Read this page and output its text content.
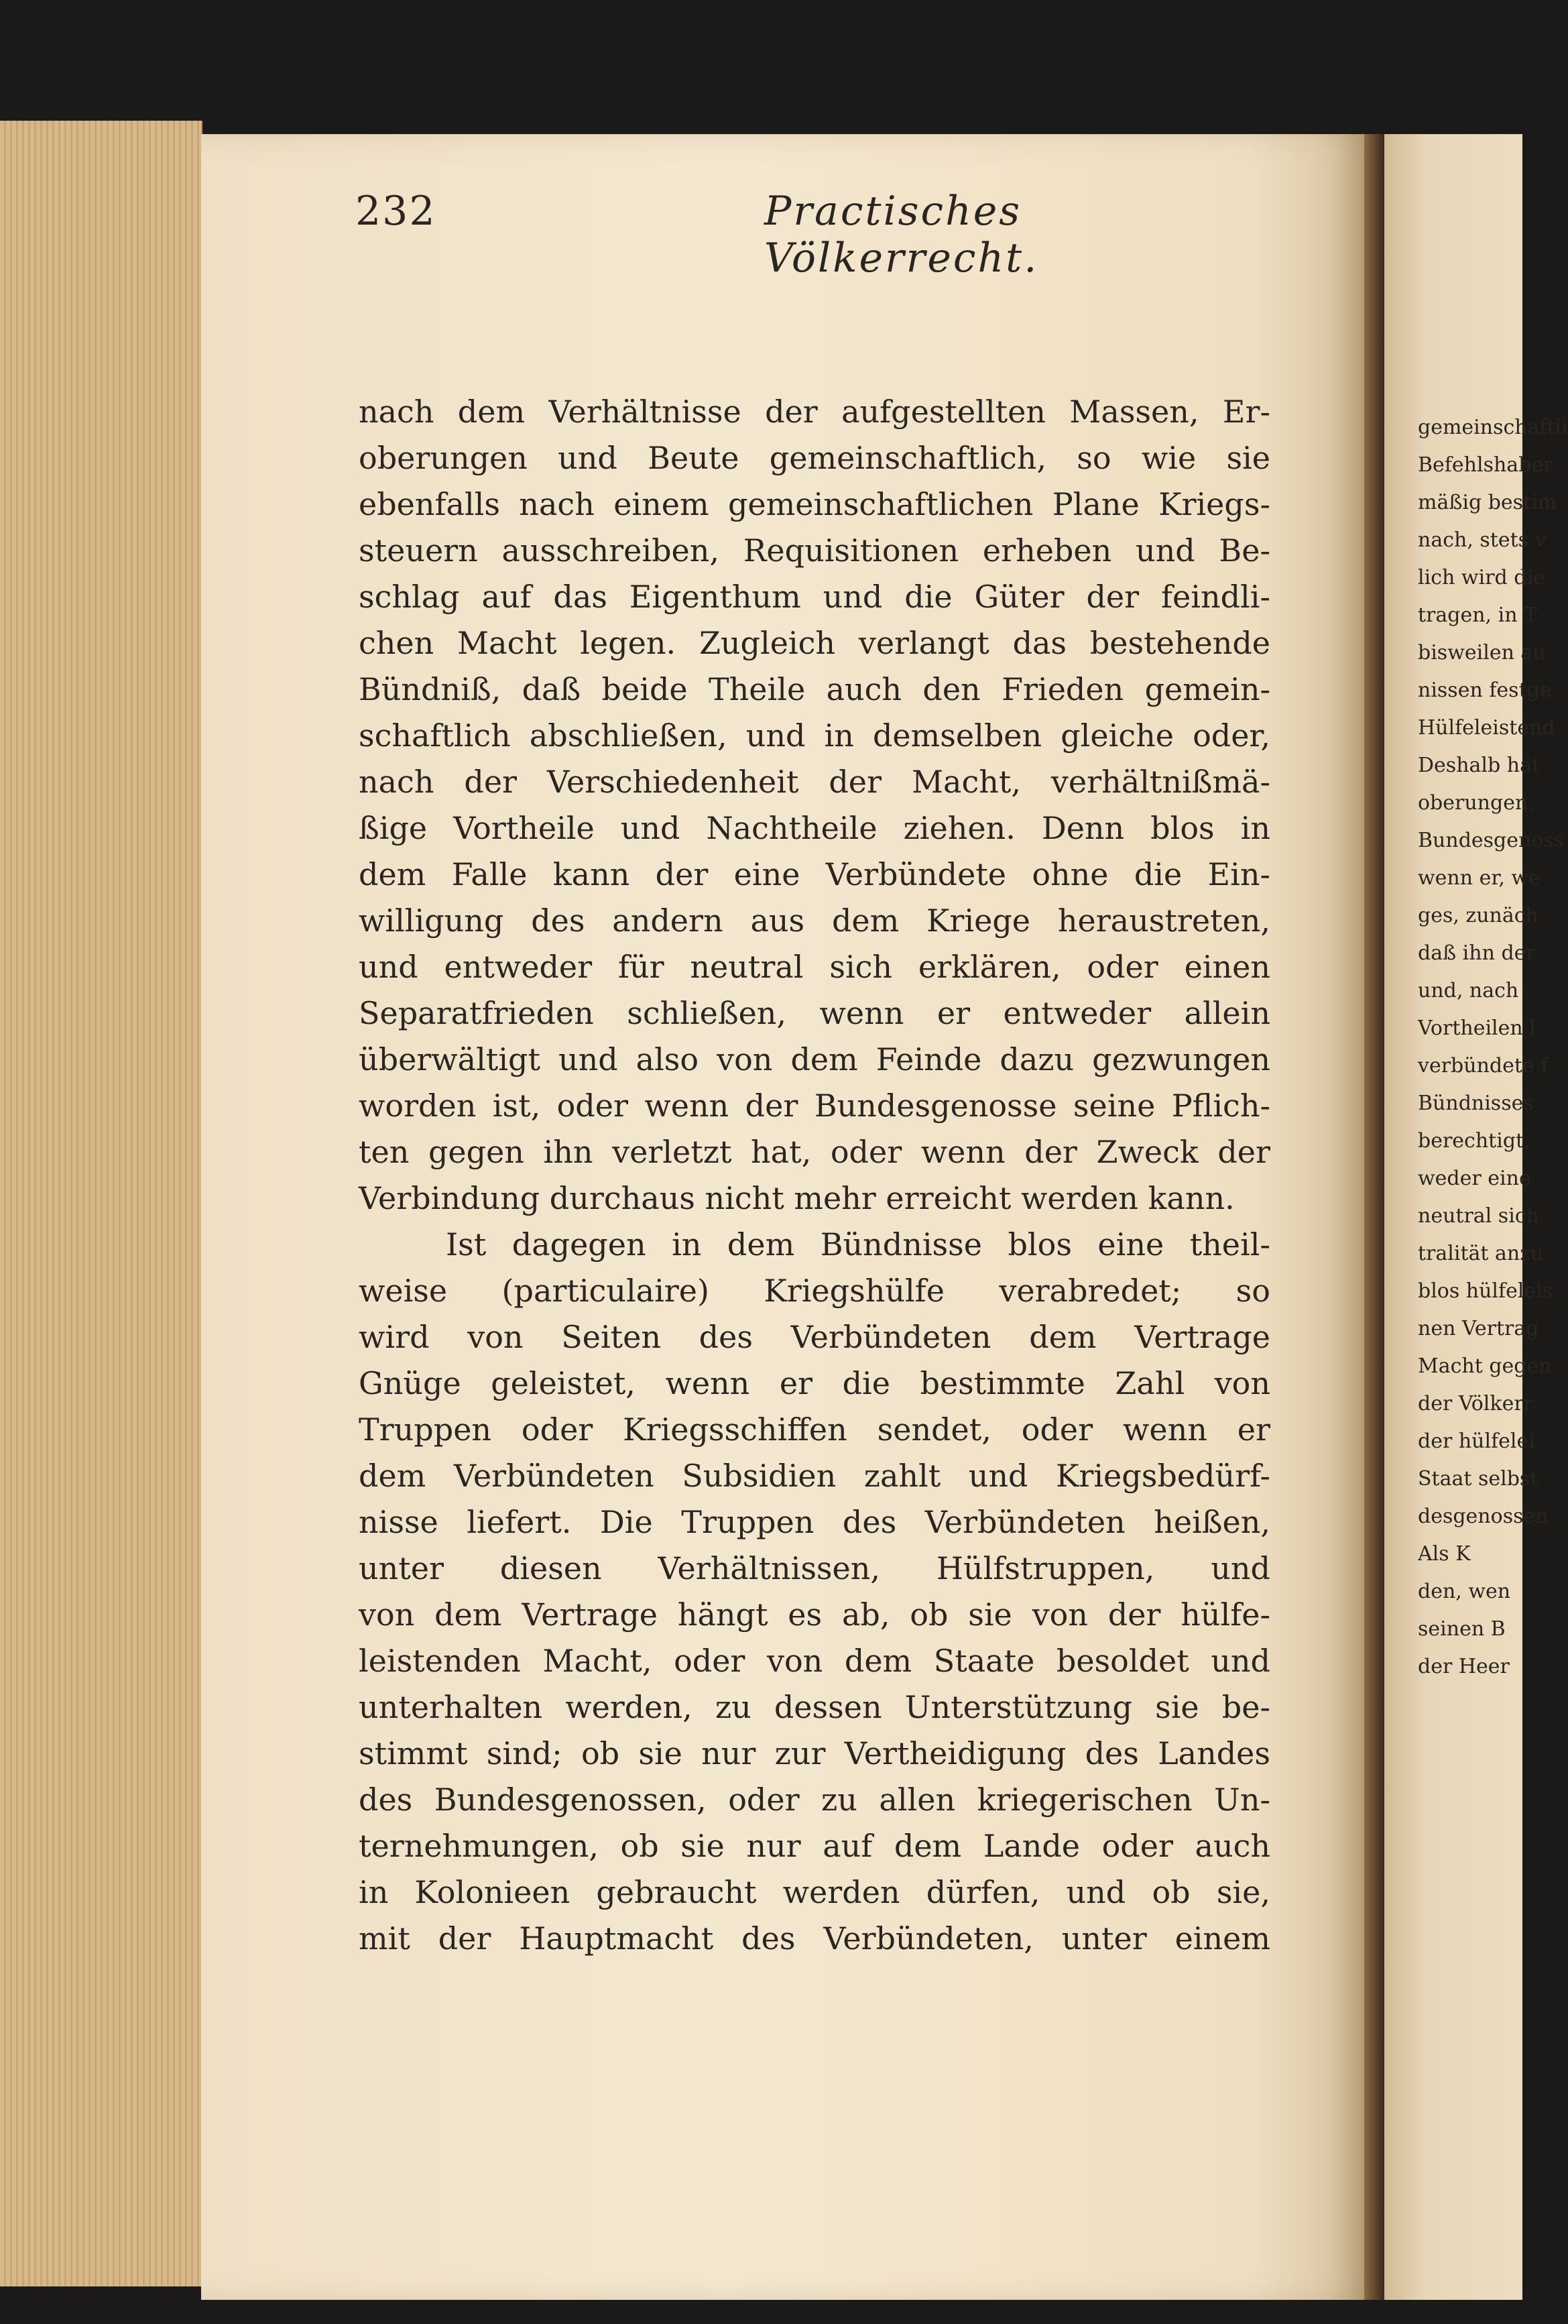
232	Practisches Völkerrecht.
nach dem Verhältnisse der aufgestellten Massen, Er-
oberungen und Beute gemeinschaftlich, so wie sie
ebenfalls nach einem gemeinschaftlichen Plane Kriegs-
steuern ausschreiben, Requisitionen erheben und Be-
schlag auf das Eigenthum und die Güter der feindli-
chen Macht legen. Zugleich verlangt das bestehende
Bündniß, daß beide Theile auch den Frieden gemein-
schaftlich abschließen, und in demselben gleiche oder,
nach der Verschiedenheit der Macht, verhältnißmä-
ßige Vortheile und Nachtheile ziehen. Denn blos in
dem Falle kann der eine Verbündete ohne die Ein-
willigung des andern aus dem Kriege heraustreten,
und entweder für neutral sich erklären, oder einen
Separatfrieden schließen, wenn er entweder allein
überwältigt und also von dem Feinde dazu gezwungen
worden ist, oder wenn der Bundesgenosse seine Pflich-
ten gegen ihn verletzt hat, oder wenn der Zweck der
Verbindung durchaus nicht mehr erreicht werden kann.
Ist dagegen in dem Bündnisse blos eine theil-
weise (particulaire) Kriegshülfe verabredet; so
wird von Seiten des Verbündeten dem Vertrage
Gnüge geleistet, wenn er die bestimmte Zahl von
Truppen oder Kriegsschiffen sendet, oder wenn er
dem Verbündeten Subsidien zahlt und Kriegsbedürf-
nisse liefert. Die Truppen des Verbündeten heißen,
unter diesen Verhältnissen, Hülfstruppen, und
von dem Vertrage hängt es ab, ob sie von der hülfe-
leistenden Macht, oder von dem Staate besoldet und
unterhalten werden, zu dessen Unterstützung sie be-
stimmt sind; ob sie nur zur Vertheidigung des Landes
des Bundesgenossen, oder zu allen kriegerischen Un-
ternehmungen, ob sie nur auf dem Lande oder auch
in Kolonieen gebraucht werden dürfen, und ob sie,
mit der Hauptmacht des Verbündeten, unter einem
gemeinschaftli
Befehlshaber
mäßig bestim
nach, stets v
lich wird die
tragen, in T
bisweilen au
nissen festge
Hülfeleistend
Deshalb hat
oberungen.
Bundesgenoss
wenn er, we
ges, zunäch
daß ihn der
und, nach
Vortheilen l
verbündete f
Bündnisses
berechtigt,
weder eine
neutral sich
tralität anzu
blos hülfeleis
nen Vertrag
Macht gegen
der Völkerr
der hülfelei
Staat selbst
desgenossen
Als K
den, wen
seinen B
der Heer
